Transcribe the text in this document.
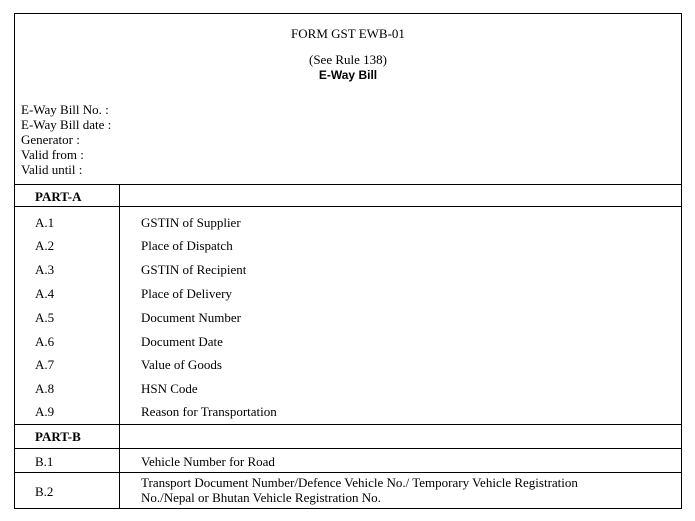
FORM GST EWB-01
(See Rule 138)
E-Way Bill
E-Way Bill No. :
E-Way Bill date :
Generator :
Valid from :
Valid until :
PART-A
A.1	GSTIN of Supplier
A.2	Place of Dispatch
A.3	GSTIN of Recipient
A.4	Place of Delivery
A.5	Document Number
A.6	Document Date
A.7	Value of Goods
A.8	HSN Code
A.9	Reason for Transportation
PART-B
B.1	Vehicle Number for Road
B.2
Transport Document Number/Defence Vehicle No./ Temporary Vehicle Registration
No./Nepal or Bhutan Vehicle Registration No.
